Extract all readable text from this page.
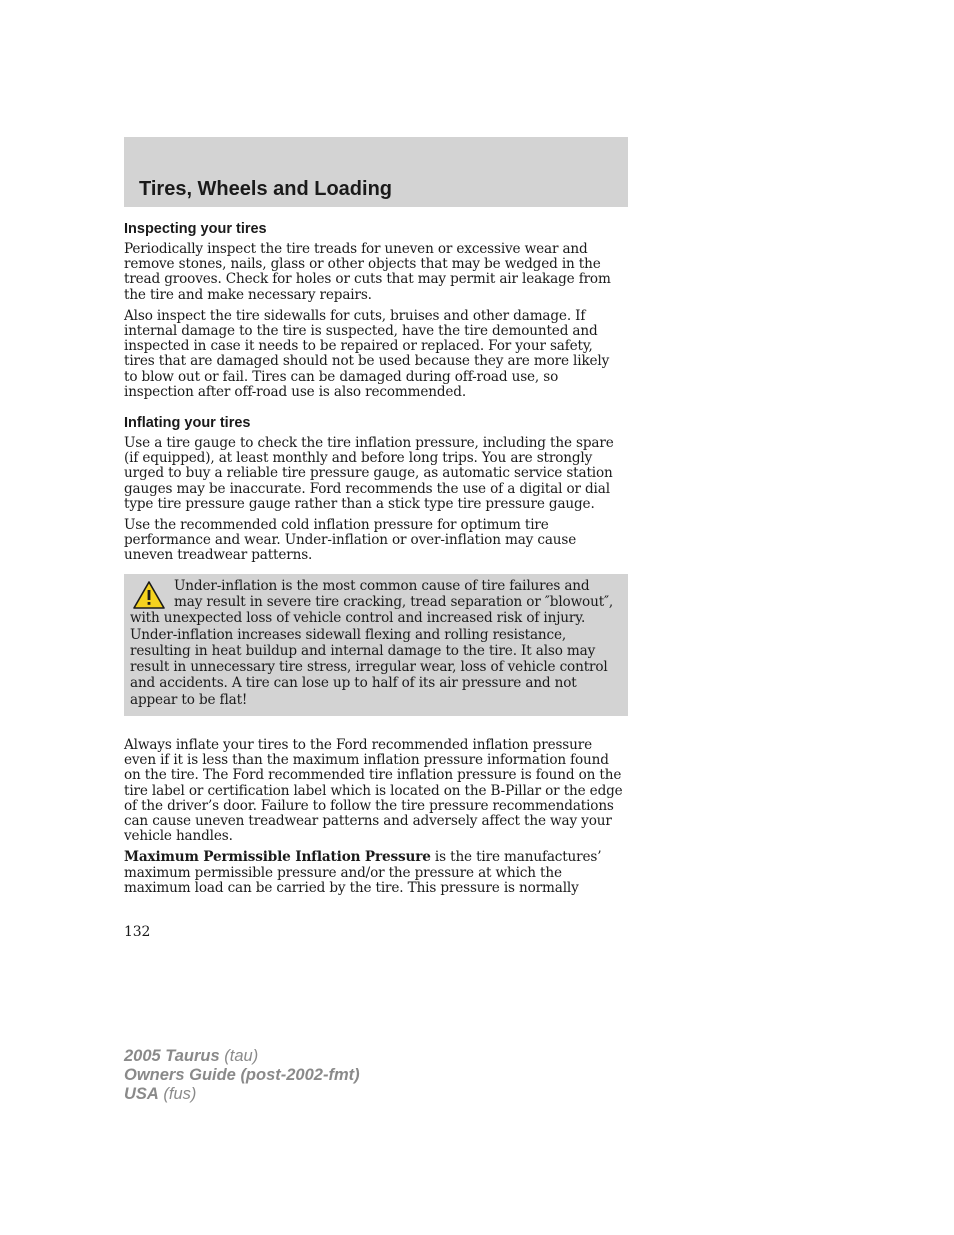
Tires, Wheels and Loading
Inspecting your tires

Periodically inspect the tire treads for uneven or excessive wear and remove stones, nails, glass or other objects that may be wedged in the tread grooves. Check for holes or cuts that may permit air leakage from the tire and make necessary repairs.

Also inspect the tire sidewalls for cuts, bruises and other damage. If internal damage to the tire is suspected, have the tire demounted and inspected in case it needs to be repaired or replaced. For your safety, tires that are damaged should not be used because they are more likely to blow out or fail. Tires can be damaged during off-road use, so inspection after off-road use is also recommended.

Inflating your tires

Use a tire gauge to check the tire inflation pressure, including the spare (if equipped), at least monthly and before long trips. You are strongly urged to buy a reliable tire pressure gauge, as automatic service station gauges may be inaccurate. Ford recommends the use of a digital or dial type tire pressure gauge rather than a stick type tire pressure gauge.

Use the recommended cold inflation pressure for optimum tire performance and wear. Under-inflation or over-inflation may cause uneven treadwear patterns.

Under-inflation is the most common cause of tire failures and may result in severe tire cracking, tread separation or ″blowout″, with unexpected loss of vehicle control and increased risk of injury. Under-inflation increases sidewall flexing and rolling resistance, resulting in heat buildup and internal damage to the tire. It also may result in unnecessary tire stress, irregular wear, loss of vehicle control and accidents. A tire can lose up to half of its air pressure and not appear to be flat!

Always inflate your tires to the Ford recommended inflation pressure even if it is less than the maximum inflation pressure information found on the tire. The Ford recommended tire inflation pressure is found on the tire label or certification label which is located on the B-Pillar or the edge of the driver’s door. Failure to follow the tire pressure recommendations can cause uneven treadwear patterns and adversely affect the way your vehicle handles.

Maximum Permissible Inflation Pressure is the tire manufactures’ maximum permissible pressure and/or the pressure at which the maximum load can be carried by the tire. This pressure is normally

132

2005 Taurus (tau)
Owners Guide (post-2002-fmt)
USA (fus)
